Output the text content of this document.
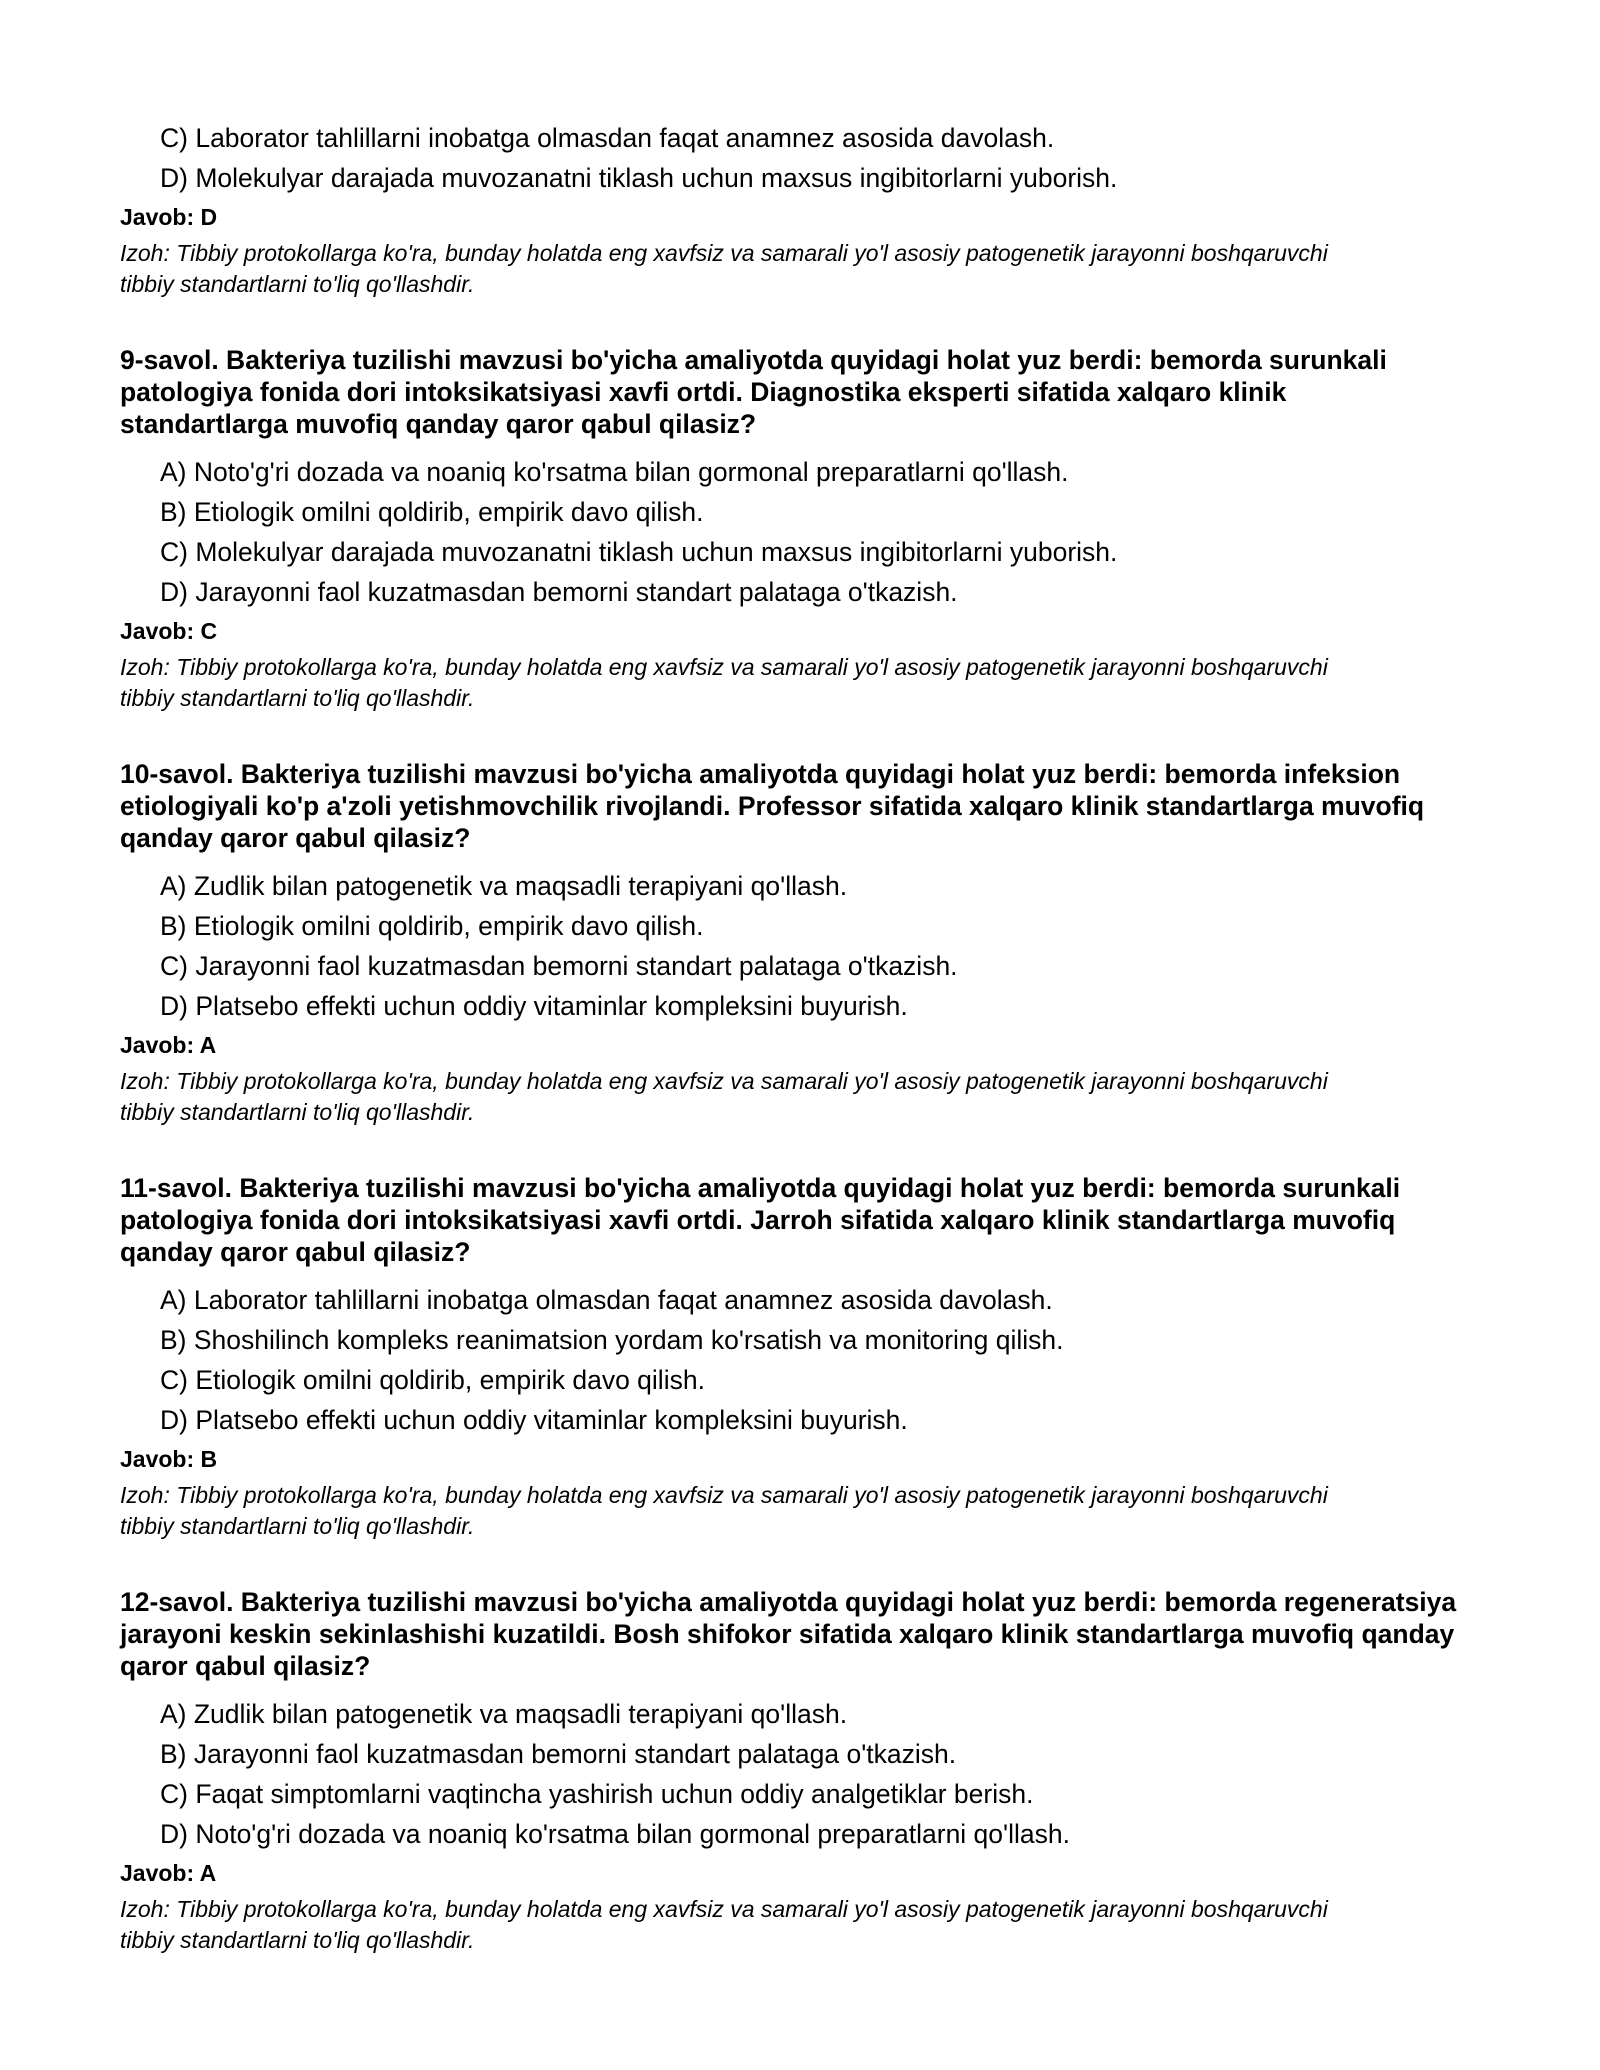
C) Laborator tahlillarni inobatga olmasdan faqat anamnez asosida davolash.
D) Molekulyar darajada muvozanatni tiklash uchun maxsus ingibitorlarni yuborish.
Javob: D
Izoh: Tibbiy protokollarga ko'ra, bunday holatda eng xavfsiz va samarali yo'l asosiy patogenetik jarayonni boshqaruvchi tibbiy standartlarni to'liq qo'llashdir.
9-savol. Bakteriya tuzilishi mavzusi bo'yicha amaliyotda quyidagi holat yuz berdi: bemorda surunkali patologiya fonida dori intoksikatsiyasi xavfi ortdi. Diagnostika eksperti sifatida xalqaro klinik standartlarga muvofiq qanday qaror qabul qilasiz?
A) Noto'g'ri dozada va noaniq ko'rsatma bilan gormonal preparatlarni qo'llash.
B) Etiologik omilni qoldirib, empirik davo qilish.
C) Molekulyar darajada muvozanatni tiklash uchun maxsus ingibitorlarni yuborish.
D) Jarayonni faol kuzatmasdan bemorni standart palataga o'tkazish.
Javob: C
Izoh: Tibbiy protokollarga ko'ra, bunday holatda eng xavfsiz va samarali yo'l asosiy patogenetik jarayonni boshqaruvchi tibbiy standartlarni to'liq qo'llashdir.
10-savol. Bakteriya tuzilishi mavzusi bo'yicha amaliyotda quyidagi holat yuz berdi: bemorda infeksion etiologiyali ko'p a'zoli yetishmovchilik rivojlandi. Professor sifatida xalqaro klinik standartlarga muvofiq qanday qaror qabul qilasiz?
A) Zudlik bilan patogenetik va maqsadli terapiyani qo'llash.
B) Etiologik omilni qoldirib, empirik davo qilish.
C) Jarayonni faol kuzatmasdan bemorni standart palataga o'tkazish.
D) Platsebo effekti uchun oddiy vitaminlar kompleksini buyurish.
Javob: A
Izoh: Tibbiy protokollarga ko'ra, bunday holatda eng xavfsiz va samarali yo'l asosiy patogenetik jarayonni boshqaruvchi tibbiy standartlarni to'liq qo'llashdir.
11-savol. Bakteriya tuzilishi mavzusi bo'yicha amaliyotda quyidagi holat yuz berdi: bemorda surunkali patologiya fonida dori intoksikatsiyasi xavfi ortdi. Jarroh sifatida xalqaro klinik standartlarga muvofiq qanday qaror qabul qilasiz?
A) Laborator tahlillarni inobatga olmasdan faqat anamnez asosida davolash.
B) Shoshilinch kompleks reanimatsion yordam ko'rsatish va monitoring qilish.
C) Etiologik omilni qoldirib, empirik davo qilish.
D) Platsebo effekti uchun oddiy vitaminlar kompleksini buyurish.
Javob: B
Izoh: Tibbiy protokollarga ko'ra, bunday holatda eng xavfsiz va samarali yo'l asosiy patogenetik jarayonni boshqaruvchi tibbiy standartlarni to'liq qo'llashdir.
12-savol. Bakteriya tuzilishi mavzusi bo'yicha amaliyotda quyidagi holat yuz berdi: bemorda regeneratsiya jarayoni keskin sekinlashishi kuzatildi. Bosh shifokor sifatida xalqaro klinik standartlarga muvofiq qanday qaror qabul qilasiz?
A) Zudlik bilan patogenetik va maqsadli terapiyani qo'llash.
B) Jarayonni faol kuzatmasdan bemorni standart palataga o'tkazish.
C) Faqat simptomlarni vaqtincha yashirish uchun oddiy analgetiklar berish.
D) Noto'g'ri dozada va noaniq ko'rsatma bilan gormonal preparatlarni qo'llash.
Javob: A
Izoh: Tibbiy protokollarga ko'ra, bunday holatda eng xavfsiz va samarali yo'l asosiy patogenetik jarayonni boshqaruvchi tibbiy standartlarni to'liq qo'llashdir.
